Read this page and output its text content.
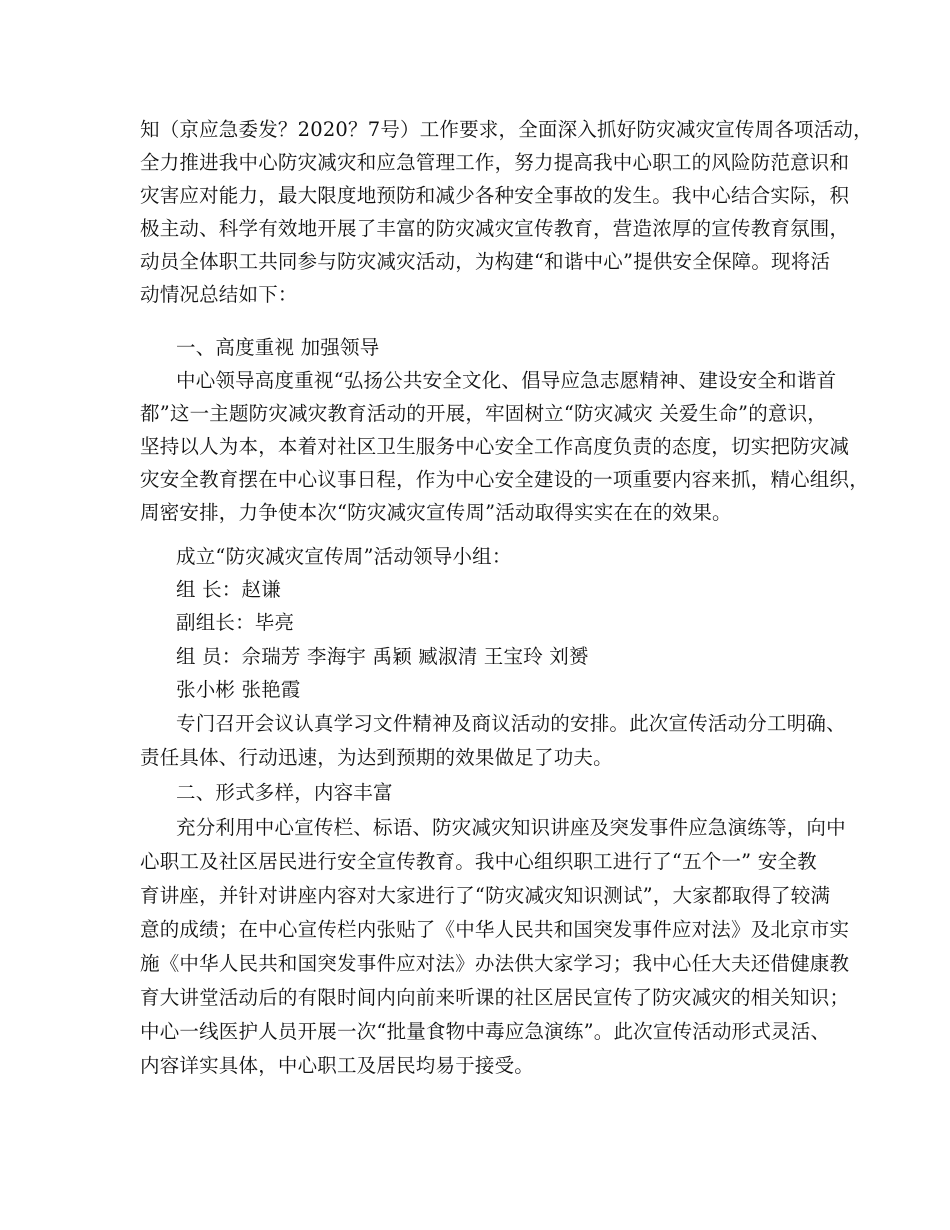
知（京应急委发？2020？7号）工作要求，全面深入抓好防灾减灾宣传周各项活动，
全力推进我中心防灾减灾和应急管理工作，努力提高我中心职工的风险防范意识和
灾害应对能力，最大限度地预防和减少各种安全事故的发生。我中心结合实际，积
极主动、科学有效地开展了丰富的防灾减灾宣传教育，营造浓厚的宣传教育氛围，
动员全体职工共同参与防灾减灾活动，为构建“和谐中心”提供安全保障。现将活
动情况总结如下：
一、高度重视 加强领导
中心领导高度重视“弘扬公共安全文化、倡导应急志愿精神、建设安全和谐首
都”这一主题防灾减灾教育活动的开展，牢固树立“防灾减灾 关爱生命”的意识，
坚持以人为本，本着对社区卫生服务中心安全工作高度负责的态度，切实把防灾减
灾安全教育摆在中心议事日程，作为中心安全建设的一项重要内容来抓，精心组织，
周密安排，力争使本次“防灾减灾宣传周”活动取得实实在在的效果。
成立“防灾减灾宣传周”活动领导小组：
组 长：赵谦
副组长：毕亮
组 员：佘瑞芳 李海宇 禹颖 臧淑清 王宝玲 刘赟
张小彬 张艳霞
专门召开会议认真学习文件精神及商议活动的安排。此次宣传活动分工明确、
责任具体、行动迅速，为达到预期的效果做足了功夫。
二、形式多样，内容丰富
充分利用中心宣传栏、标语、防灾减灾知识讲座及突发事件应急演练等，向中
心职工及社区居民进行安全宣传教育。我中心组织职工进行了“五个一” 安全教
育讲座，并针对讲座内容对大家进行了“防灾减灾知识测试”，大家都取得了较满
意的成绩；在中心宣传栏内张贴了《中华人民共和国突发事件应对法》及北京市实
施《中华人民共和国突发事件应对法》办法供大家学习；我中心任大夫还借健康教
育大讲堂活动后的有限时间内向前来听课的社区居民宣传了防灾减灾的相关知识；
中心一线医护人员开展一次“批量食物中毒应急演练”。此次宣传活动形式灵活、
内容详实具体，中心职工及居民均易于接受。
